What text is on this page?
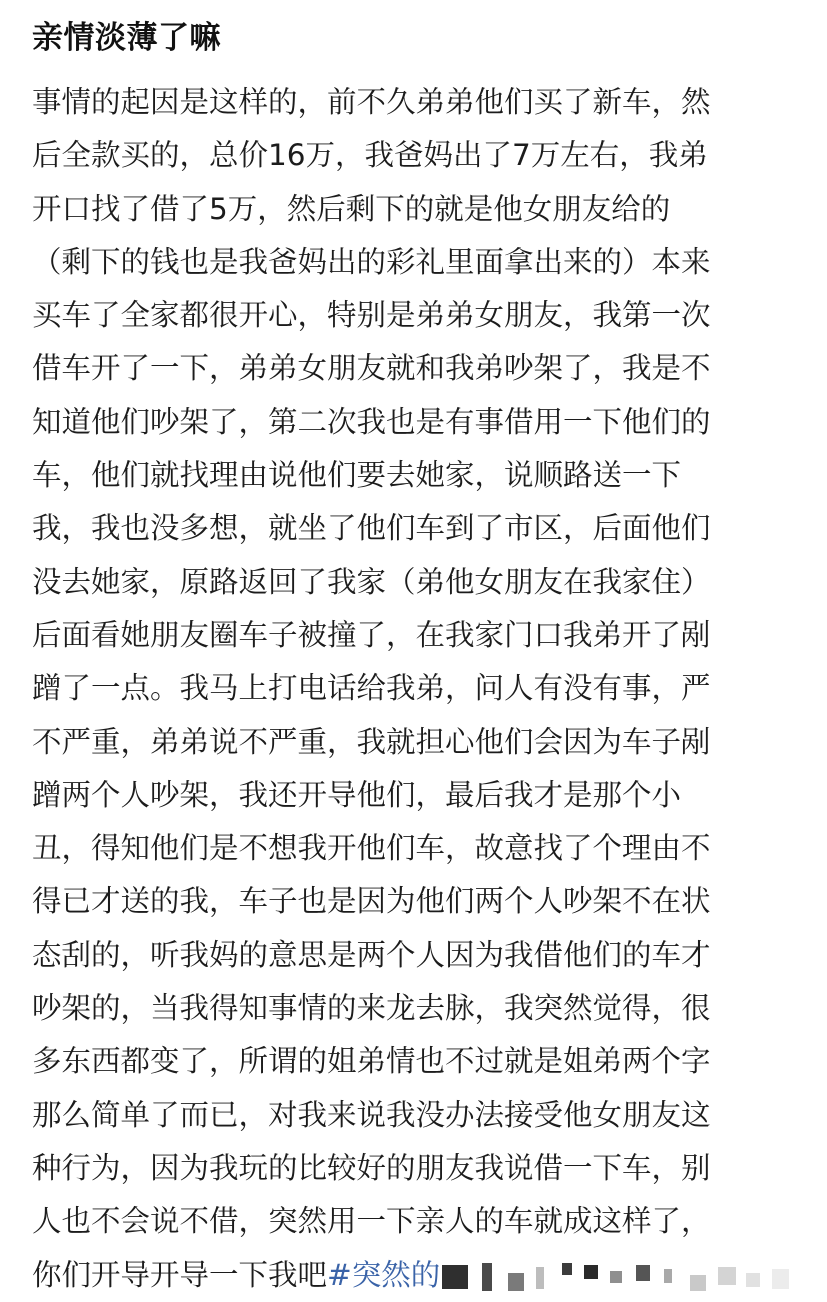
亲情淡薄了嘛
事情的起因是这样的，前不久弟弟他们买了新车，然
后全款买的，总价16万，我爸妈出了7万左右，我弟
开口找了借了5万，然后剩下的就是他女朋友给的
（剩下的钱也是我爸妈出的彩礼里面拿出来的）本来
买车了全家都很开心，特别是弟弟女朋友，我第一次
借车开了一下，弟弟女朋友就和我弟吵架了，我是不
知道他们吵架了，第二次我也是有事借用一下他们的
车，他们就找理由说他们要去她家，说顺路送一下
我，我也没多想，就坐了他们车到了市区，后面他们
没去她家，原路返回了我家（弟他女朋友在我家住）
后面看她朋友圈车子被撞了，在我家门口我弟开了剐
蹭了一点。我马上打电话给我弟，问人有没有事，严
不严重，弟弟说不严重，我就担心他们会因为车子剐
蹭两个人吵架，我还开导他们，最后我才是那个小
丑，得知他们是不想我开他们车，故意找了个理由不
得已才送的我，车子也是因为他们两个人吵架不在状
态刮的，听我妈的意思是两个人因为我借他们的车才
吵架的，当我得知事情的来龙去脉，我突然觉得，很
多东西都变了，所谓的姐弟情也不过就是姐弟两个字
那么简单了而已，对我来说我没办法接受他女朋友这
种行为，因为我玩的比较好的朋友我说借一下车，别
人也不会说不借，突然用一下亲人的车就成这样了，
你们开导开导一下我吧#突然的
